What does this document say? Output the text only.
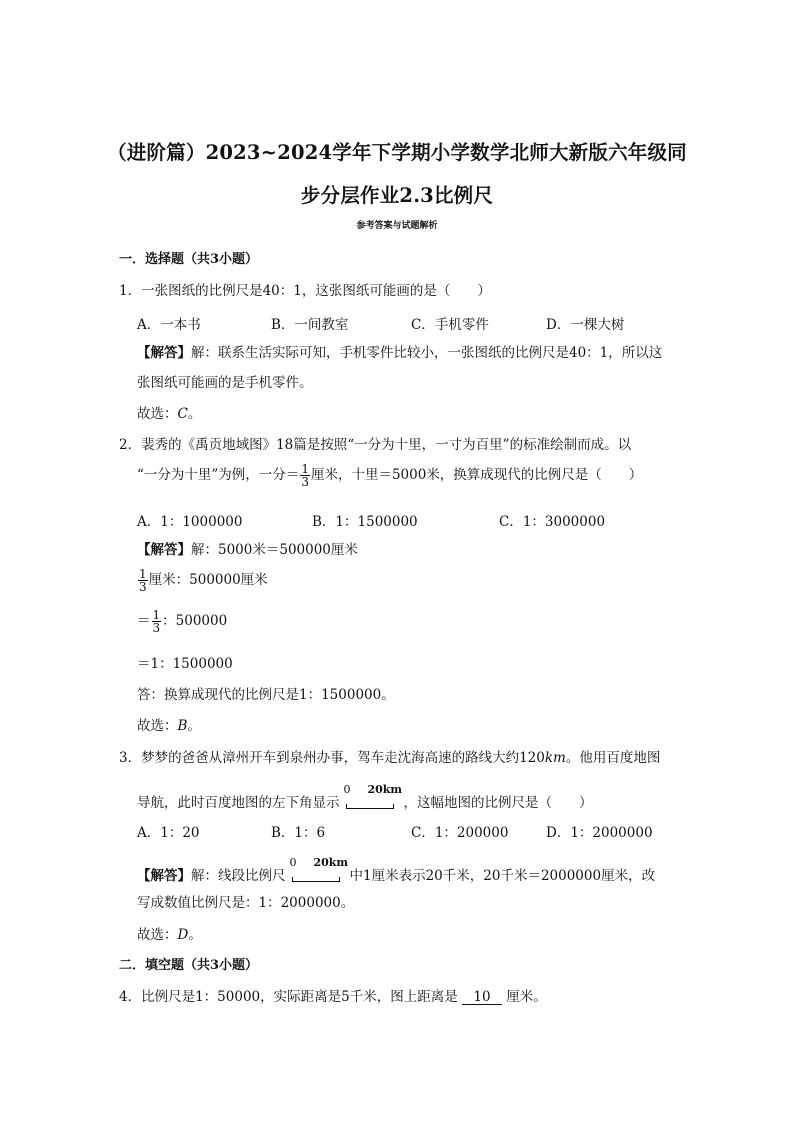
（进阶篇）2023~2024学年下学期小学数学北师大新版六年级同
步分层作业2.3比例尺
参考答案与试题解析
一．选择题（共3小题）
1．一张图纸的比例尺是40：1，这张图纸可能画的是（　　）
A．一本书	B．一间教室	C．手机零件	D．一棵大树
【解答】解：联系生活实际可知，手机零件比较小，一张图纸的比例尺是40：1，所以这
张图纸可能画的是手机零件。
故选：C。
2．裴秀的《禹贡地域图》18篇是按照“一分为十里，一寸为百里”的标准绘制而成。以
“一分为十里”为例，一分＝ $\frac{1}{3}$ 厘米，十里＝5000米，换算成现代的比例尺是（　　）
A．1：1000000	B．1：1500000	C．1：3000000
【解答】解：5000米＝500000厘米
$\frac{1}{3}$ 厘米：500000厘米
＝ $\frac{1}{3}$ ：500000
＝1：1500000
答：换算成现代的比例尺是1：1500000。
故选：B。
3．梦梦的爸爸从漳州开车到泉州办事，驾车走沈海高速的路线大约120km。他用百度地图
导航，此时百度地图的左下角显示
0 20km
，这幅地图的比例尺是（　　）
A．1：20	B．1：6	C．1：200000	D．1：2000000
【解答】解：线段比例尺
0 20km
中1厘米表示20千米，20千米＝2000000厘米，改
写成数值比例尺是：1：2000000。
故选：D。
二．填空题（共3小题）
4．比例尺是1：50000，实际距离是5千米，图上距离是 10 厘米。
